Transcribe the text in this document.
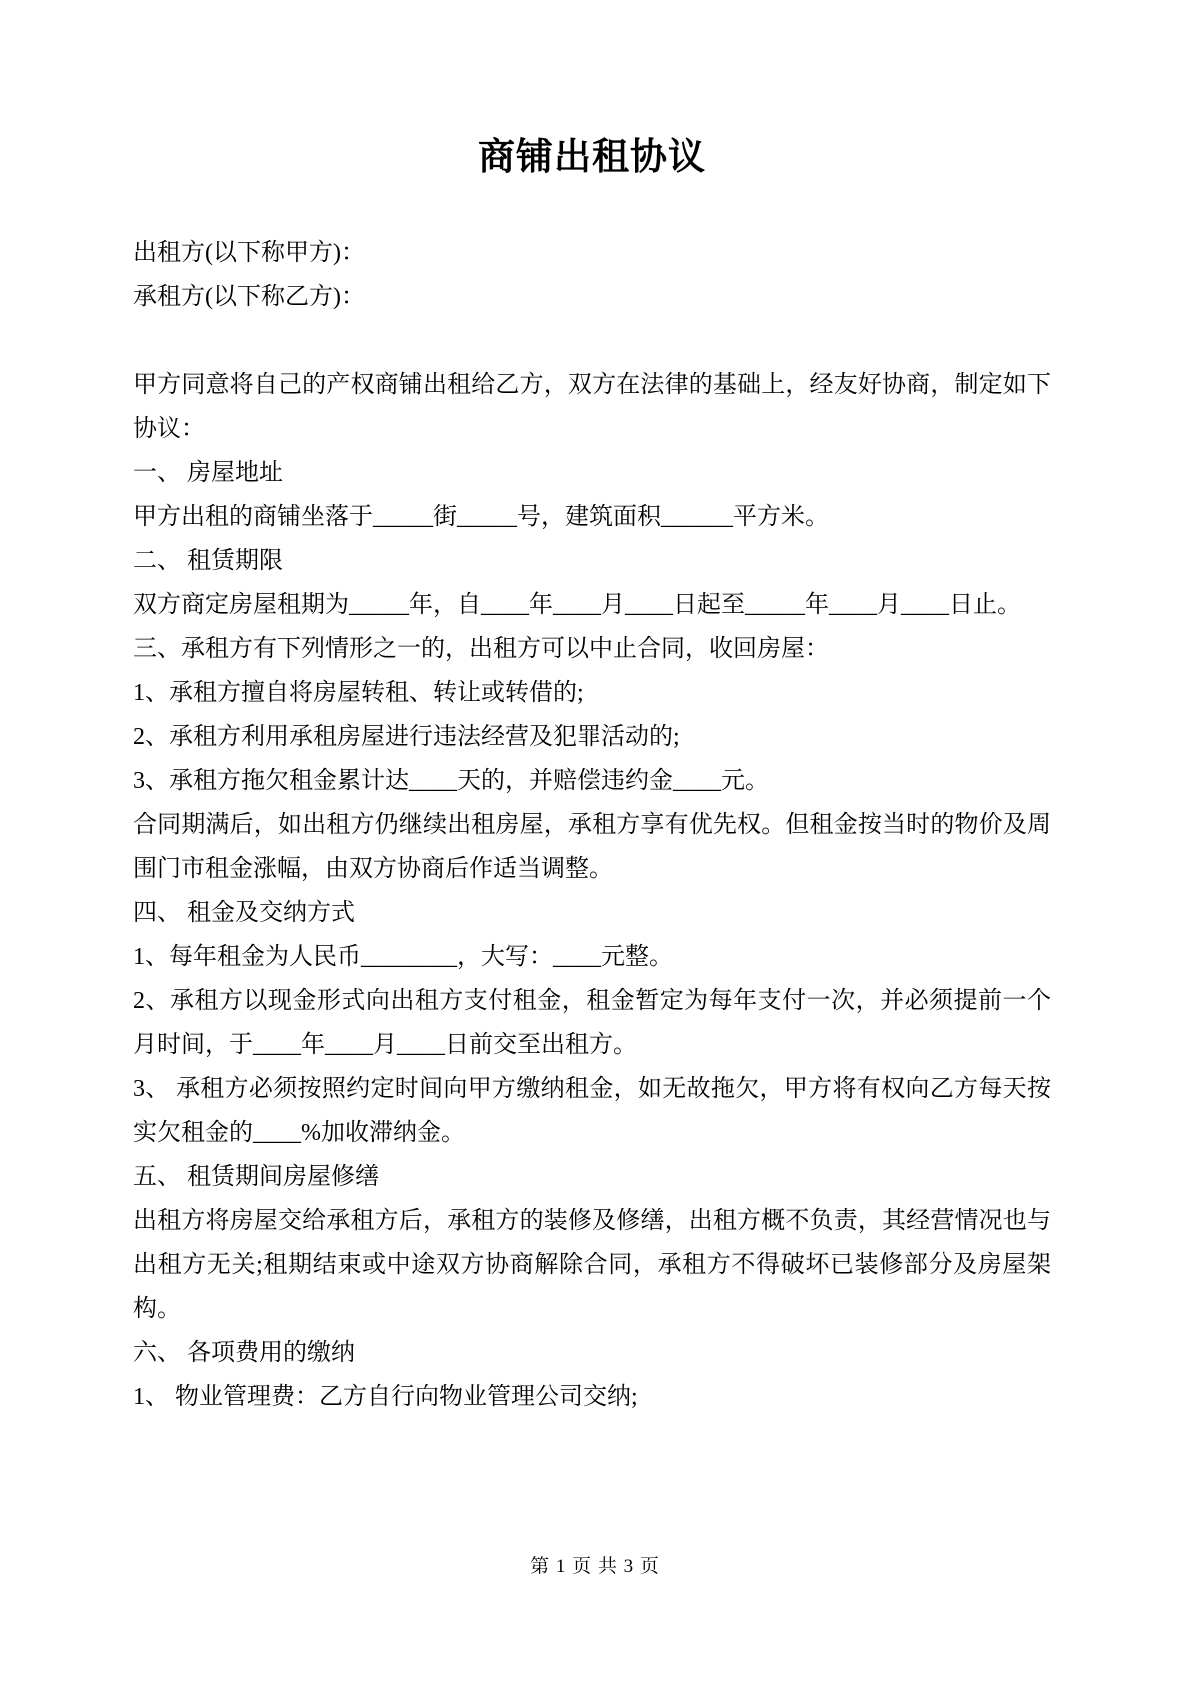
商铺出租协议
出租方(以下称甲方)：
承租方(以下称乙方)：

甲方同意将自己的产权商铺出租给乙方，双方在法律的基础上，经友好协商，制定如下协议：
一、 房屋地址
甲方出租的商铺坐落于_____街_____号，建筑面积______平方米。
二、 租赁期限
双方商定房屋租期为_____年，自____年____月____日起至_____年____月____日止。
三、承租方有下列情形之一的，出租方可以中止合同，收回房屋：
1、承租方擅自将房屋转租、转让或转借的;
2、承租方利用承租房屋进行违法经营及犯罪活动的;
3、承租方拖欠租金累计达____天的，并赔偿违约金____元。
合同期满后，如出租方仍继续出租房屋，承租方享有优先权。但租金按当时的物价及周围门市租金涨幅，由双方协商后作适当调整。
四、 租金及交纳方式
1、每年租金为人民币________，大写：____元整。
2、承租方以现金形式向出租方支付租金，租金暂定为每年支付一次，并必须提前一个月时间，于____年____月____日前交至出租方。
3、 承租方必须按照约定时间向甲方缴纳租金，如无故拖欠，甲方将有权向乙方每天按实欠租金的____%加收滞纳金。
五、 租赁期间房屋修缮
出租方将房屋交给承租方后，承租方的装修及修缮，出租方概不负责，其经营情况也与出租方无关;租期结束或中途双方协商解除合同，承租方不得破坏已装修部分及房屋架构。
六、 各项费用的缴纳
1、 物业管理费：乙方自行向物业管理公司交纳;
第 1 页 共 3 页
